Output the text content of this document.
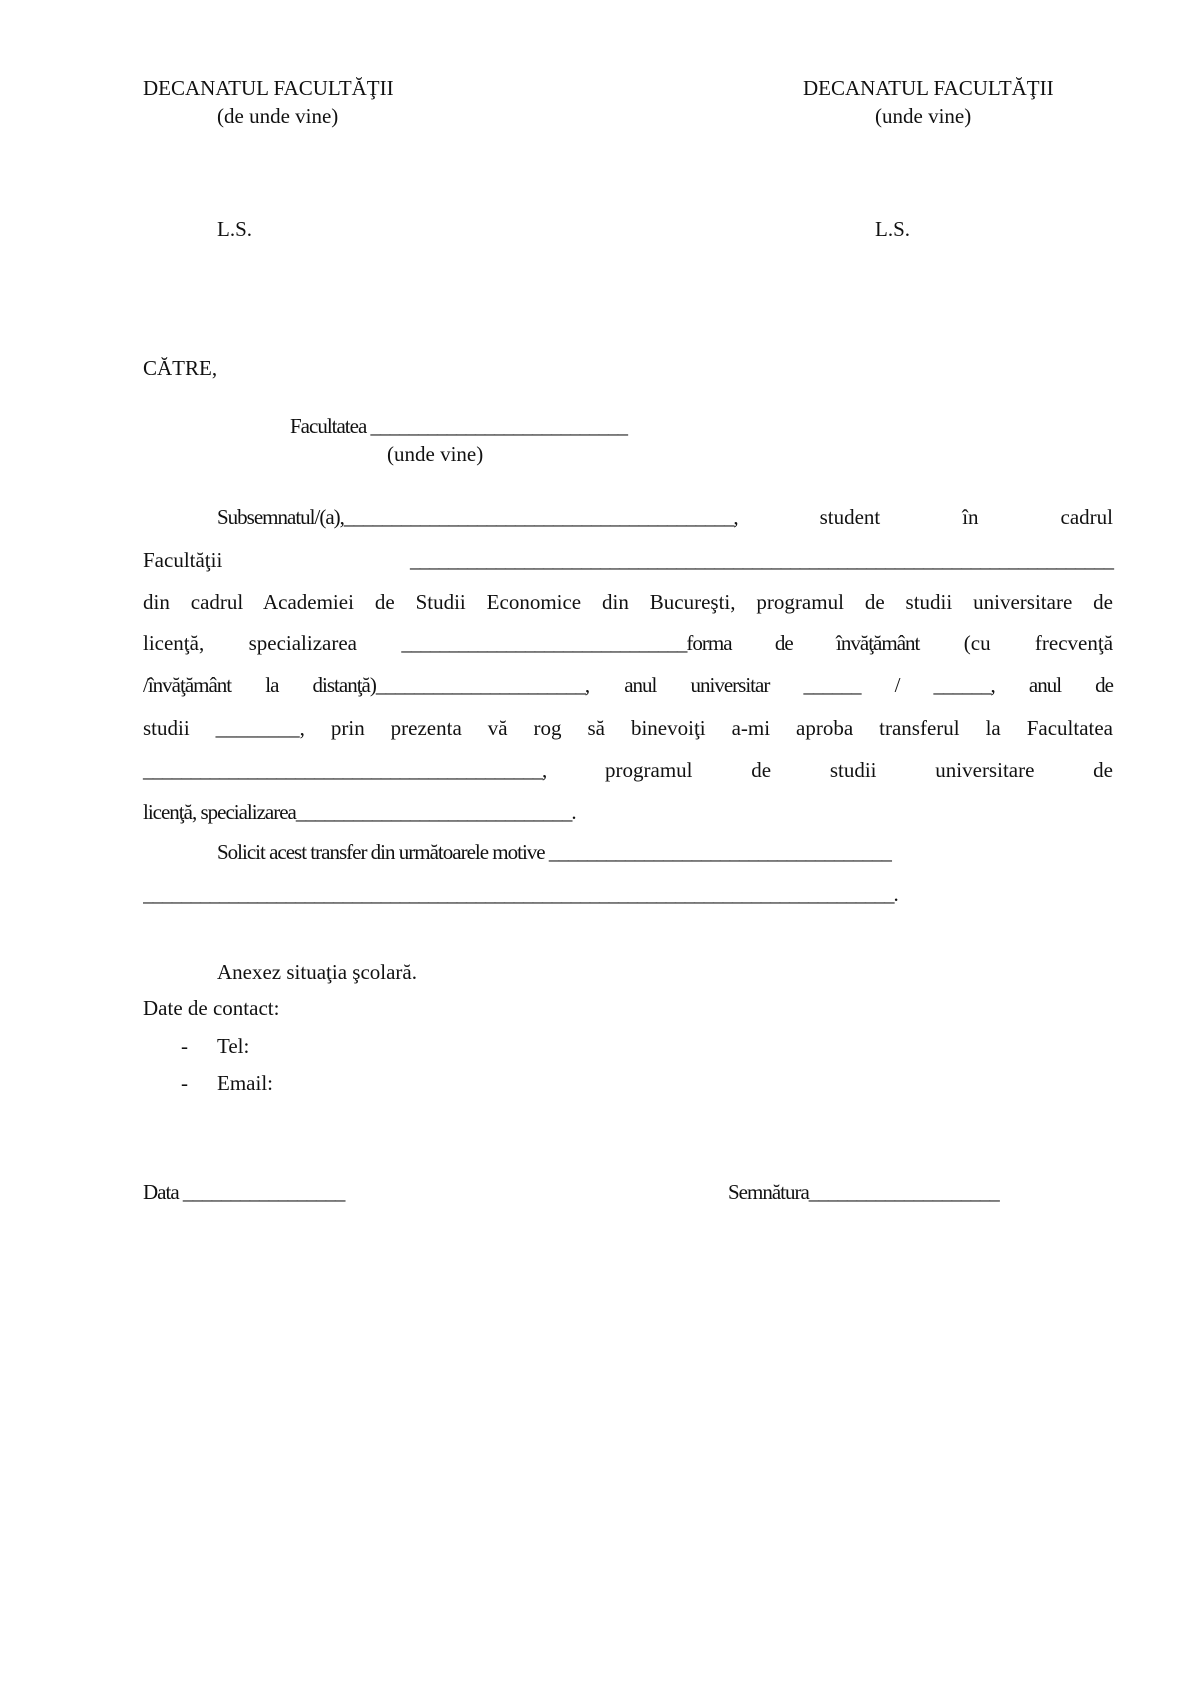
DECANATUL FACULTĂŢII
(de unde vine)
DECANATUL FACULTĂŢII
(unde vine)
L.S.	L.S.
CĂTRE,
Facultatea ___________________________
(unde vine)
Subsemnatul/(a),_________________________________________,	student	în	cadrul
Facultăţii	__________________________________________________________________________
din cadrul Academiei de Studii Economice din Bucureşti, programul de studii universitare de
licenţă, specializarea ______________________________forma de învăţământ (cu frecvenţă
/învăţământ la distanţă)______________________, anul universitar ______ / ______, anul de
studii ________, prin prezenta vă rog să binevoiţi a-mi aproba transferul la Facultatea
__________________________________________,	programul de studii universitare de
licenţă, specializarea_____________________________.
Solicit acest transfer din următoarele motive ____________________________________
_______________________________________________________________________________.
Anexez situaţia şcolară.
Date de contact:
- Tel:
- Email:
Data _________________	Semnătura____________________
